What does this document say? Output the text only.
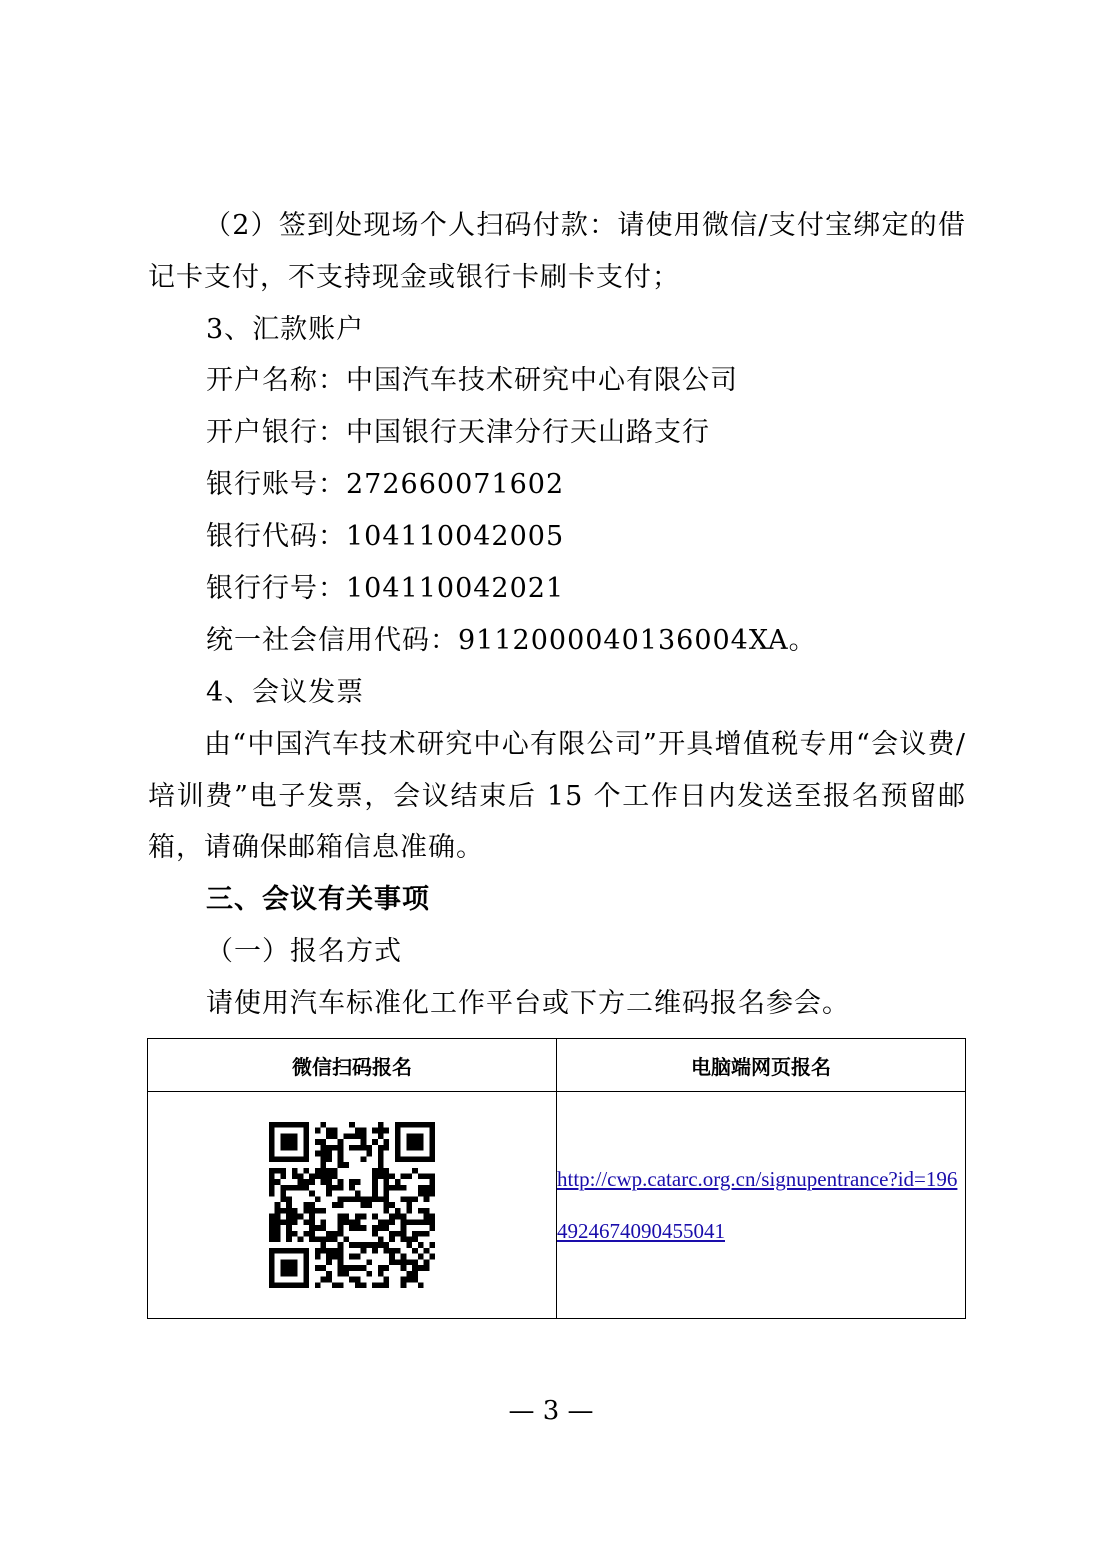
（2）签到处现场个人扫码付款：请使用微信/支付宝绑定的借记卡支付，不支持现金或银行卡刷卡支付；
3、汇款账户
开户名称：中国汽车技术研究中心有限公司
开户银行：中国银行天津分行天山路支行
银行账号：272660071602
银行代码：104110042005
银行行号：104110042021
统一社会信用代码：9112000040136004XA。
4、会议发票
由“中国汽车技术研究中心有限公司”开具增值税专用“会议费/培训费”电子发票，会议结束后 15 个工作日内发送至报名预留邮箱，请确保邮箱信息准确。
三、会议有关事项
（一）报名方式
请使用汽车标准化工作平台或下方二维码报名参会。
微信扫码报名	电脑端网页报名

	http://cwp.catarc.org.cn/signupentrance?id=1964924674090455041
— 3 —
